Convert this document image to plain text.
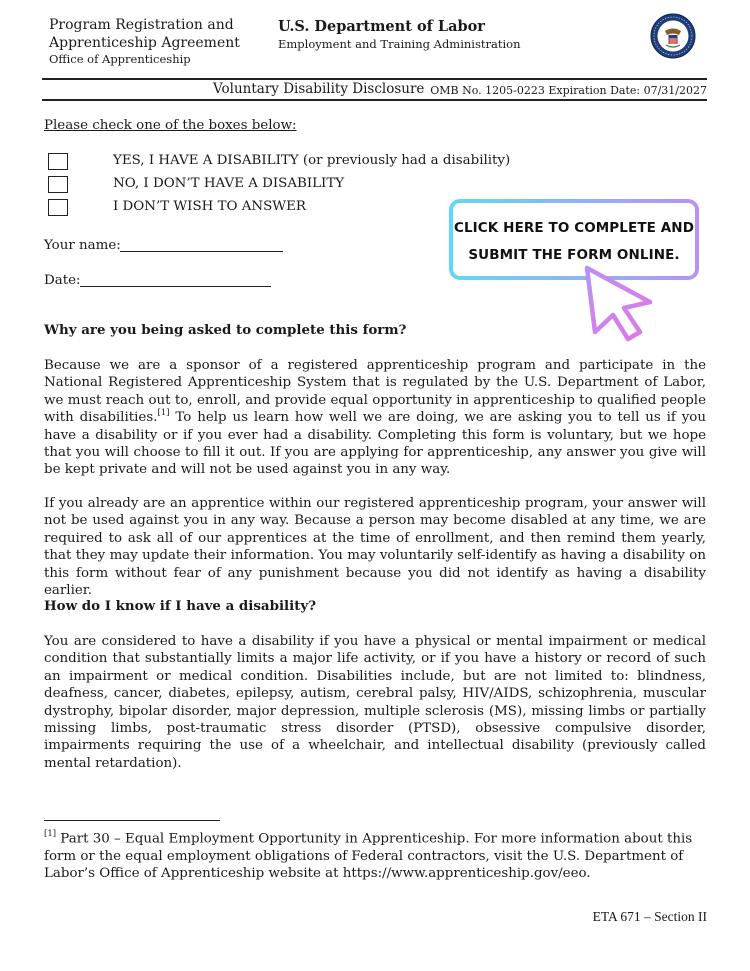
Program Registration and
Apprenticeship Agreement
Office of Apprenticeship
U.S. Department of Labor
Employment and Training Administration
Voluntary Disability Disclosure OMB No. 1205-0223 Expiration Date: 07/31/2027
Please check one of the boxes below:
YES, I HAVE A DISABILITY (or previously had a disability)
NO, I DON’T HAVE A DISABILITY
I DON’T WISH TO ANSWER
Your name:
Date:
CLICK HERE TO COMPLETE AND
SUBMIT THE FORM ONLINE.
Why are you being asked to complete this form?
Because we are a sponsor of a registered apprenticeship program and participate in the National Registered Apprenticeship System that is regulated by the U.S. Department of Labor, we must reach out to, enroll, and provide equal opportunity in apprenticeship to qualified people with disabilities.[1] To help us learn how well we are doing, we are asking you to tell us if you have a disability or if you ever had a disability. Completing this form is voluntary, but we hope that you will choose to fill it out. If you are applying for apprenticeship, any answer you give will be kept private and will not be used against you in any way.
If you already are an apprentice within our registered apprenticeship program, your answer will not be used against you in any way. Because a person may become disabled at any time, we are required to ask all of our apprentices at the time of enrollment, and then remind them yearly, that they may update their information. You may voluntarily self-identify as having a disability on this form without fear of any punishment because you did not identify as having a disability earlier.
How do I know if I have a disability?
You are considered to have a disability if you have a physical or mental impairment or medical condition that substantially limits a major life activity, or if you have a history or record of such an impairment or medical condition. Disabilities include, but are not limited to: blindness, deafness, cancer, diabetes, epilepsy, autism, cerebral palsy, HIV/AIDS, schizophrenia, muscular dystrophy, bipolar disorder, major depression, multiple sclerosis (MS), missing limbs or partially missing limbs, post-traumatic stress disorder (PTSD), obsessive compulsive disorder, impairments requiring the use of a wheelchair, and intellectual disability (previously called mental retardation).
[1] Part 30 – Equal Employment Opportunity in Apprenticeship. For more information about this form or the equal employment obligations of Federal contractors, visit the U.S. Department of Labor’s Office of Apprenticeship website at https://www.apprenticeship.gov/eeo.
ETA 671 – Section II
